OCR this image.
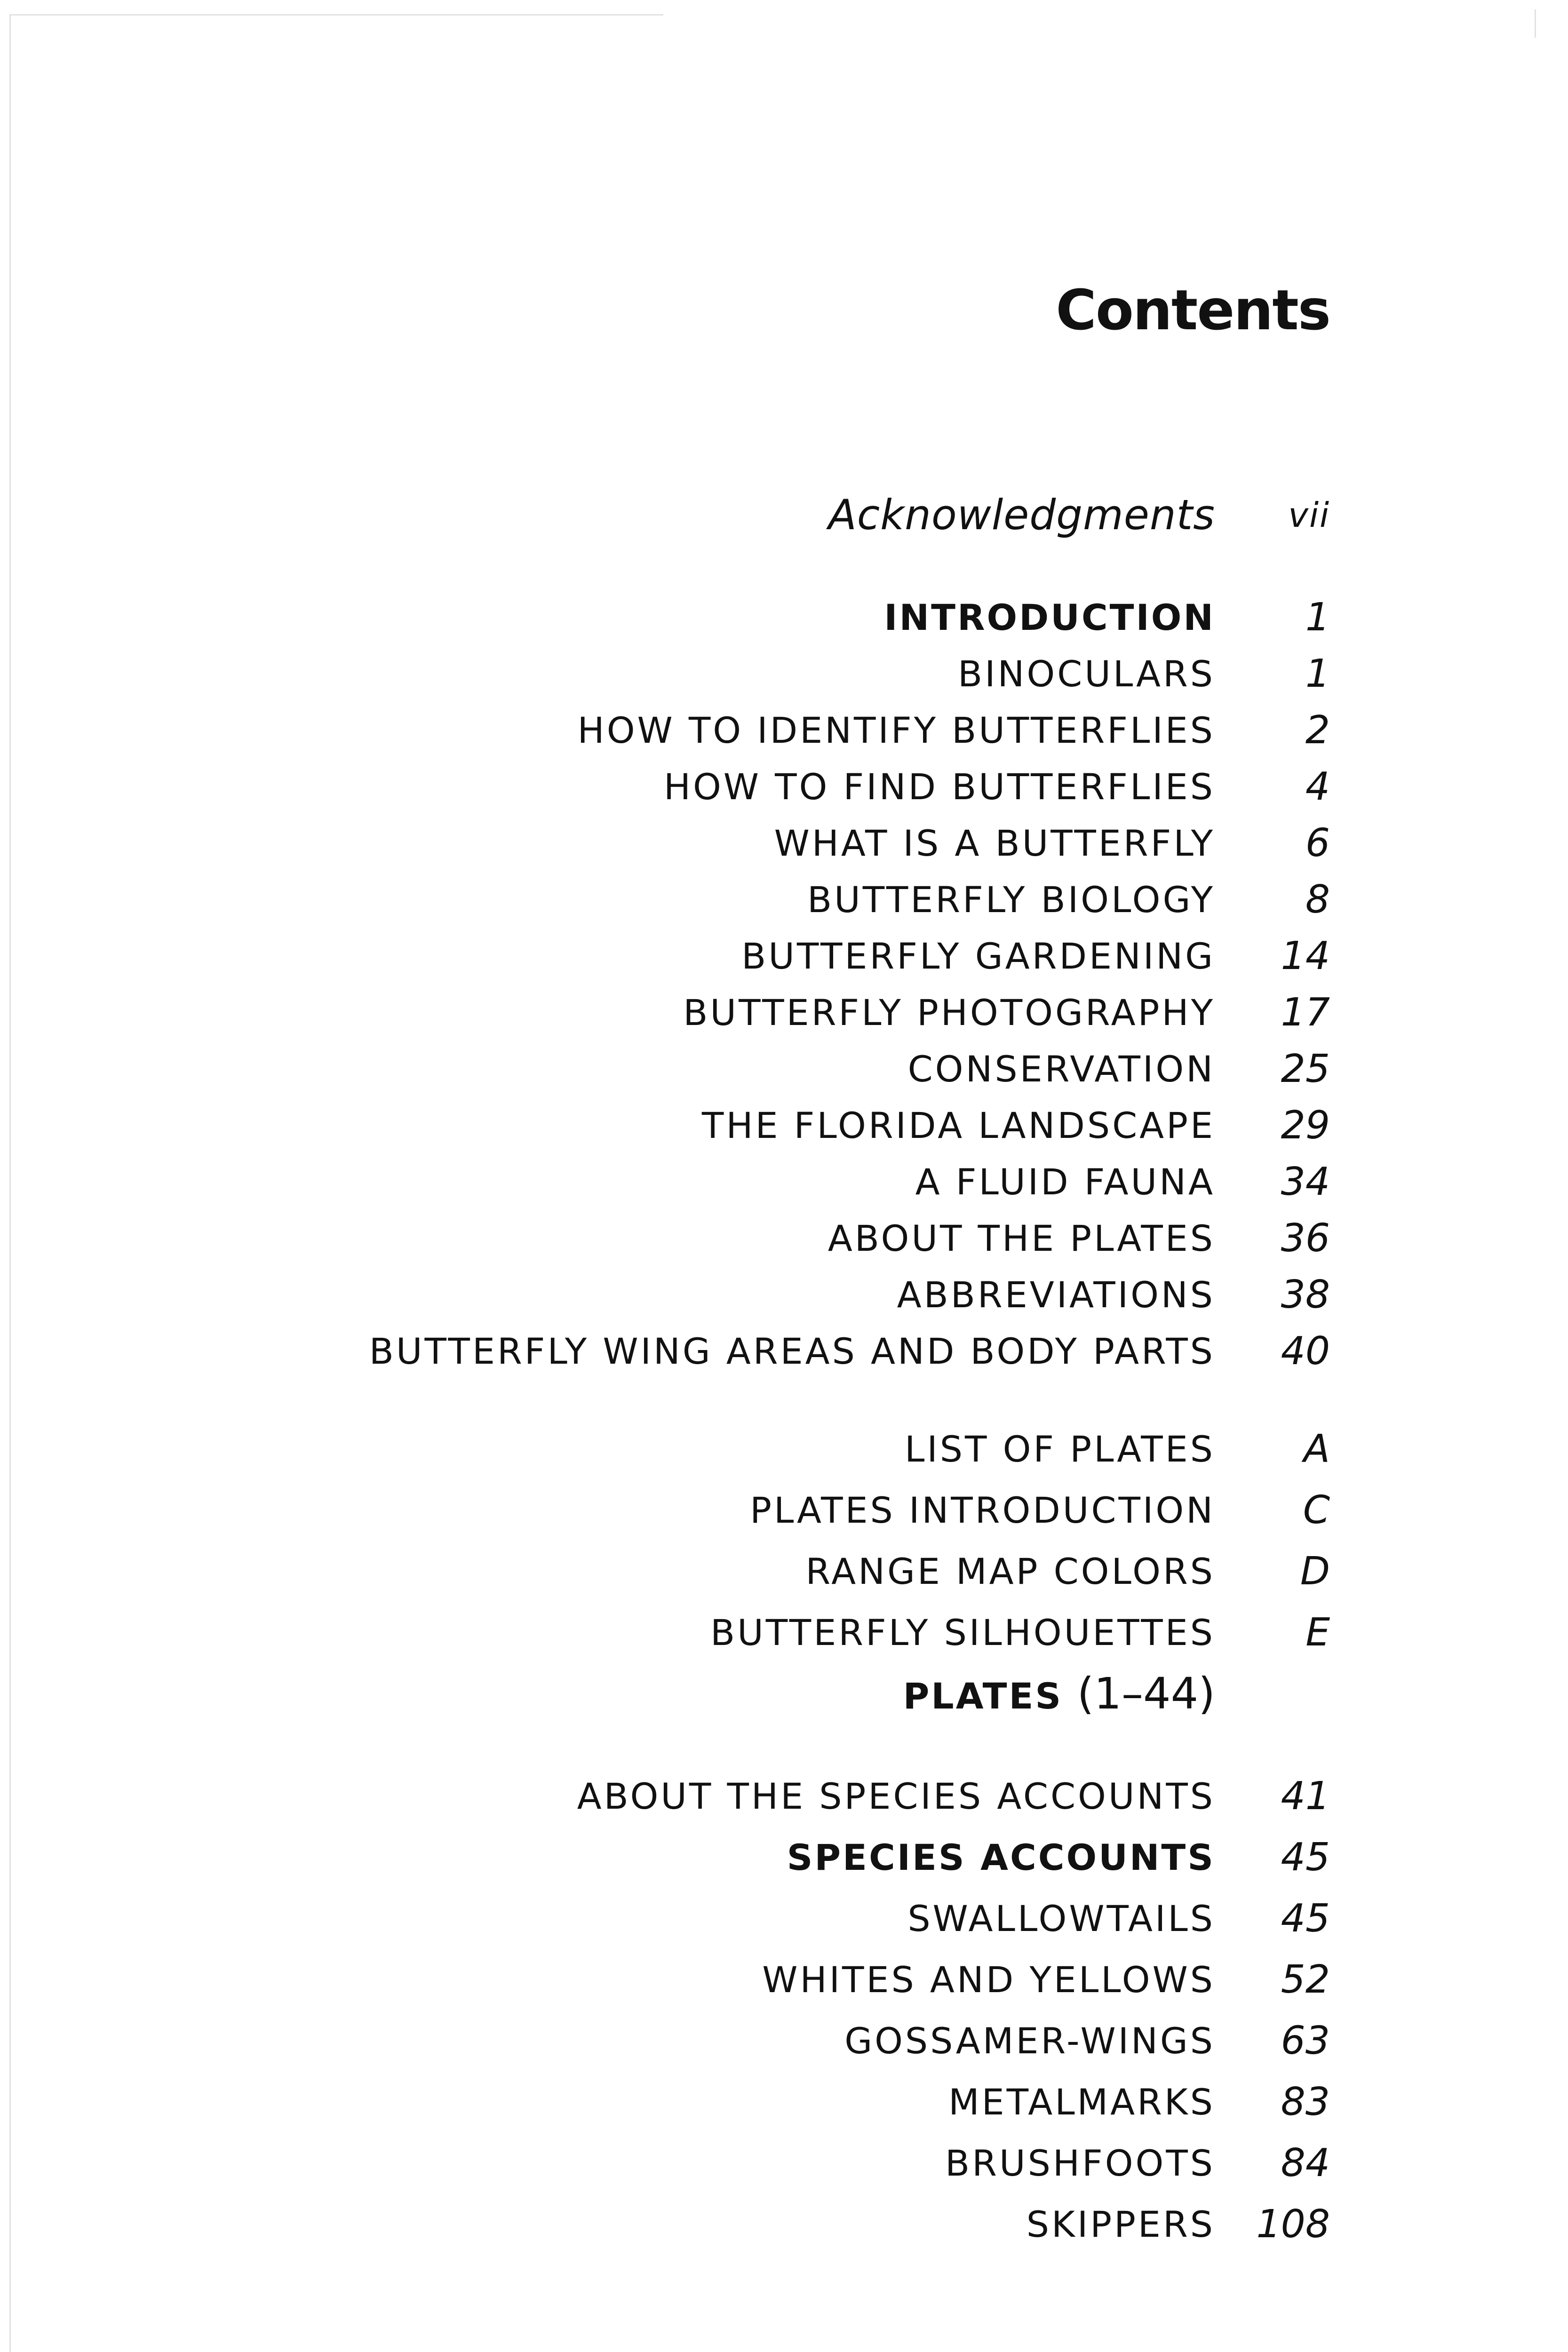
Contents
Acknowledgments vii
INTRODUCTION 1
BINOCULARS 1
HOW TO IDENTIFY BUTTERFLIES 2
HOW TO FIND BUTTERFLIES 4
WHAT IS A BUTTERFLY 6
BUTTERFLY BIOLOGY 8
BUTTERFLY GARDENING 14
BUTTERFLY PHOTOGRAPHY 17
CONSERVATION 25
THE FLORIDA LANDSCAPE 29
A FLUID FAUNA 34
ABOUT THE PLATES 36
ABBREVIATIONS 38
BUTTERFLY WING AREAS AND BODY PARTS 40
LIST OF PLATES A
PLATES INTRODUCTION C
RANGE MAP COLORS D
BUTTERFLY SILHOUETTES E
PLATES (1–44)
ABOUT THE SPECIES ACCOUNTS 41
SPECIES ACCOUNTS 45
SWALLOWTAILS 45
WHITES AND YELLOWS 52
GOSSAMER-WINGS 63
METALMARKS 83
BRUSHFOOTS 84
SKIPPERS 108
